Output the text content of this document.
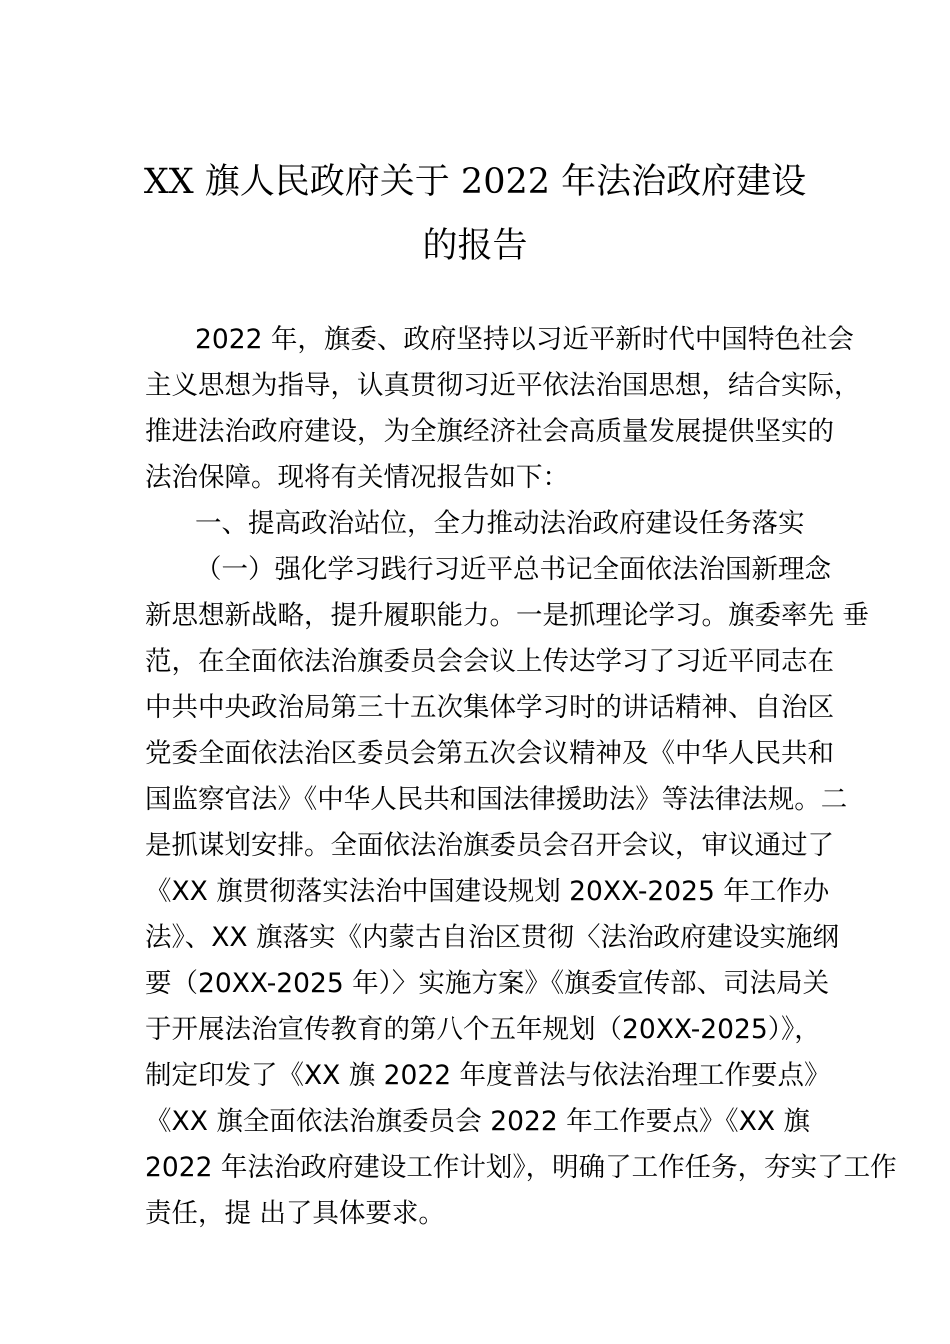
XX 旗人民政府关于 2022 年法治政府建设
的报告
2022 年，旗委、政府坚持以习近平新时代中国特色社会
主义思想为指导，认真贯彻习近平依法治国思想，结合实际，
推进法治政府建设，为全旗经济社会高质量发展提供坚实的
法治保障。现将有关情况报告如下：
一、提高政治站位，全力推动法治政府建设任务落实
（一）强化学习践行习近平总书记全面依法治国新理念
新思想新战略，提升履职能力。一是抓理论学习。旗委率先 垂
范，在全面依法治旗委员会会议上传达学习了习近平同志在
中共中央政治局第三十五次集体学习时的讲话精神、自治区
党委全面依法治区委员会第五次会议精神及《中华人民共和
国监察官法》《中华人民共和国法律援助法》等法律法规。二
是抓谋划安排。全面依法治旗委员会召开会议，审议通过了
《XX 旗贯彻落实法治中国建设规划 20XX-2025 年工作办
法》、XX 旗落实《内蒙古自治区贯彻〈法治政府建设实施纲
要（20XX-2025 年）〉实施方案》《旗委宣传部、司法局关
于开展法治宣传教育的第八个五年规划（20XX-2025）》，
制定印发了《XX 旗 2022 年度普法与依法治理工作要点》
《XX 旗全面依法治旗委员会 2022 年工作要点》《XX 旗
2022 年法治政府建设工作计划》，明确了工作任务，夯实了工作
责任，提 出了具体要求。
